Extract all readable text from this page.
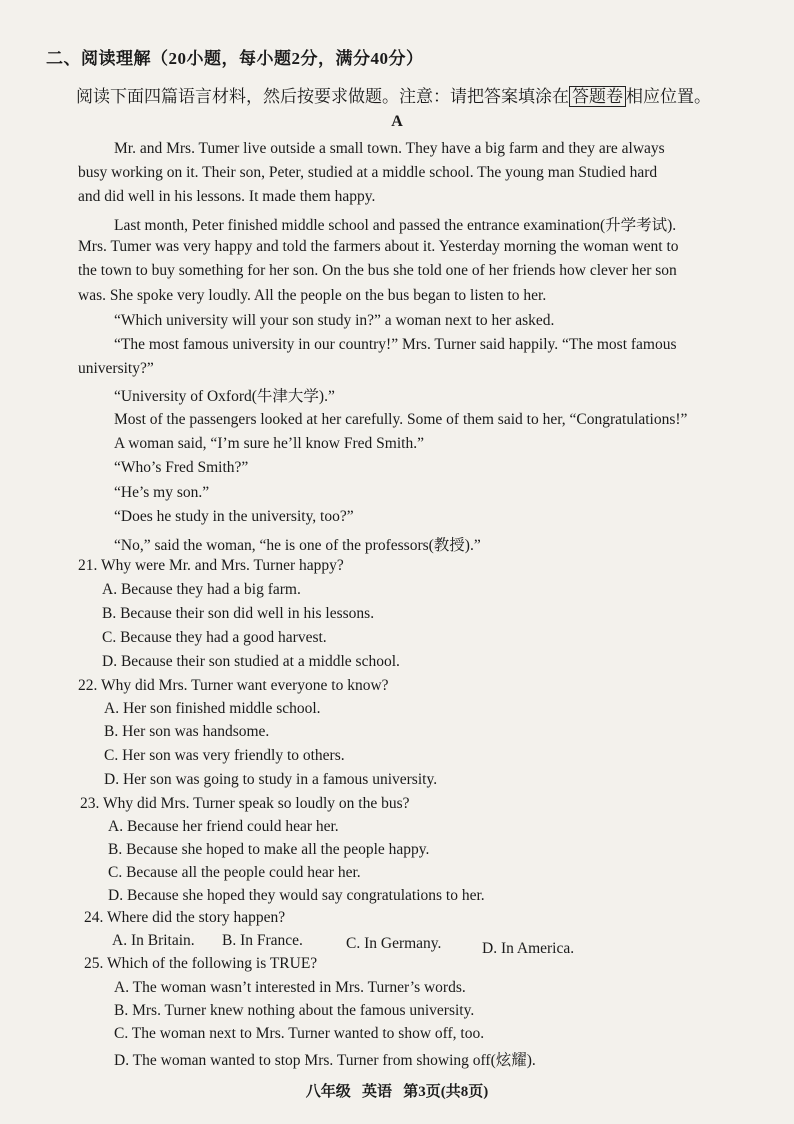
二、阅读理解（20小题，每小题2分，满分40分）
阅读下面四篇语言材料，然后按要求做题。注意：请把答案填涂在 答题卷 相应位置。
A
Mr. and Mrs. Tumer live outside a small town. They have a big farm and they are always
busy working on it. Their son, Peter, studied at a middle school. The young man Studied hard
and did well in his lessons. It made them happy.
Last month, Peter finished middle school and passed the entrance examination(升学考试).
Mrs. Tumer was very happy and told the farmers about it. Yesterday morning the woman went to
the town to buy something for her son. On the bus she told one of her friends how clever her son
was. She spoke very loudly. All the people on the bus began to listen to her.
“Which university will your son study in?” a woman next to her asked.
“The most famous university in our country!” Mrs. Turner said happily. “The most famous
university?”
“University of Oxford(牛津大学).”
Most of the passengers looked at her carefully. Some of them said to her, “Congratulations!”
A woman said, “I’m sure he’ll know Fred Smith.”
“Who’s Fred Smith?”
“He’s my son.”
“Does he study in the university, too?”
“No,” said the woman, “he is one of the professors(教授).”
21. Why were Mr. and Mrs. Turner happy?
A. Because they had a big farm.
B. Because their son did well in his lessons.
C. Because they had a good harvest.
D. Because their son studied at a middle school.
22. Why did Mrs. Turner want everyone to know?
A. Her son finished middle school.
B. Her son was handsome.
C. Her son was very friendly to others.
D. Her son was going to study in a famous university.
23. Why did Mrs. Turner speak so loudly on the bus?
A. Because her friend could hear her.
B. Because she hoped to make all the people happy.
C. Because all the people could hear her.
D. Because she hoped they would say congratulations to her.
24. Where did the story happen?
A. In Britain. B. In France.	C. In Germany.	D. In America.
25. Which of the following is TRUE?
A. The woman wasn’t interested in Mrs. Turner’s words.
B. Mrs. Turner knew nothing about the famous university.
C. The woman next to Mrs. Turner wanted to show off, too.
D. The woman wanted to stop Mrs. Turner from showing off(炫耀).
八年级 英语 第3页(共8页)
